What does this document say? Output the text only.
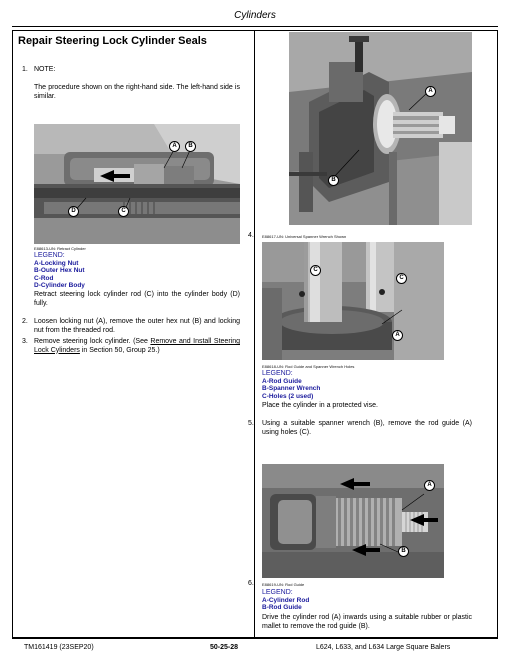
Cylinders
Repair Steering Lock Cylinder Seals
1. NOTE:
The procedure shown on the right-hand side. The left-hand side is similar.
A	B
D	C
E88613-UN: Retract Cylinder
LEGEND:
A-Locking Nut
B-Outer Hex Nut
C-Rod
D-Cylinder Body
Retract steering lock cylinder rod (C) into the cylinder body (D) fully.
2. Loosen locking nut (A), remove the outer hex nut (B) and locking nut from the threaded rod.
3. Remove steering lock cylinder. (See Remove and Install Steering Lock Cylinders in Section 50, Group 25.)
A
B
4. E88617-UN: Universal Spanner Wrench Shown
C
C
A
E88618-UN: Rod Guide and Spanner Wrench Holes
LEGEND:
A-Rod Guide
B-Spanner Wrench
C-Holes (2 used)
Place the cylinder in a protected vise.
5. Using a suitable spanner wrench (B), remove the rod guide (A) using holes (C).
A
B
6. E88619-UN: Rod Guide
LEGEND:
A-Cylinder Rod
B-Rod Guide
Drive the cylinder rod (A) inwards using a suitable rubber or plastic mallet to remove the rod guide (B).
TM161419 (23SEP20)	50-25-28	L624, L633, and L634 Large Square Balers
